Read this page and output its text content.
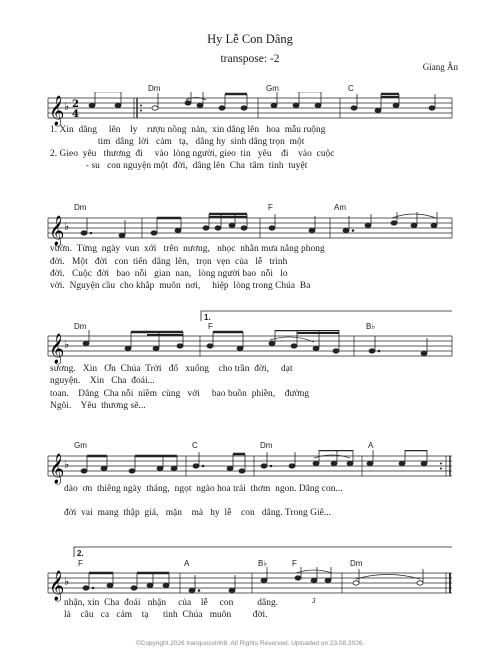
Hy Lễ Con Dâng
transpose: -2
Giang Ân
Dm	Gm	C
𝄞 ♭ 2
4
1. Xin  dâng     lên    ly    rượu nồng  nàn,  xin dâng lên   hoa  mẫu ruộng
tim  dâng  lời   cảm   tạ,   dâng hy  sinh dâng trọn  một
2. Gieo  yêu   thương  đi     vào  lòng người, gieo  tin   yêu    đi    vào  cuộc
- su   con nguyện một  đời,  dâng lên  Cha  tâm  tình  tuyệt
Dm	F	Am
𝄞 ♭
vườn.  Từng  ngày  vun  xới   trên  nương,   nhọc  nhằn mưa nắng phong
đời.   Một   đời   con  tiến  dâng  lên,   trọn  vẹn  của   lễ   trình
đời.   Cuộc  đời   bao  nỗi   gian  nan,   lòng người bao  nỗi   lo
vời.  Nguyện cầu  cho khắp  muôn  nơi,     hiệp  lòng trong Chúa  Ba
1.
Dm	F	B♭
𝄞 ♭
sương.   Xin   Ơn  Chúa  Trời   đổ   xuống    cho trần  đời,     dạt
nguyện.    Xin   Cha  đoái...
toan.    Dâng  Cha nỗi  niềm  cùng   với     bao buồn  phiền,    đường
Ngôi.    Yêu  thương sẽ...
Gm	C	Dm	A
𝄞 ♭
dào  ơn  thiêng ngày  tháng,  ngọt  ngào hoa trái  thơm  ngon. Dâng con...
đời  vai  mang  thập  giá,   mặn    mà   hy  lễ    con   dâng. Trong Giê...
2.
F	A	B♭	F	Dm
𝄞 ♭
3
nhận, xin  Cha  đoái   nhận     của    lễ     con          dâng.
là    câu   ca   cảm    tạ      tình  Chúa   muôn         đời.
©Copyright 2026 tranquocvinh8. All Rights Reserved. Uploaded on 23.08.2026.
